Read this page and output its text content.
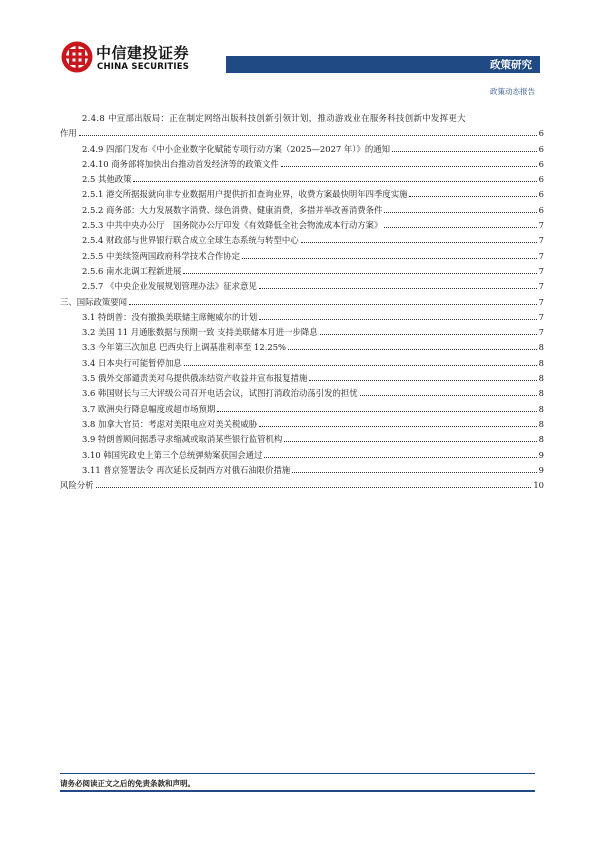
中信建投证券
CHINA SECURITIES	政策研究
政策动态报告
2.4.8 中宣部出版局：正在制定网络出版科技创新引领计划，推动游戏业在服务科技创新中发挥更大
作用	6
2.4.9 四部门发布《中小企业数字化赋能专项行动方案（2025—2027 年）》的通知	6
2.4.10 商务部将加快出台推动首发经济等的政策文件	6
2.5 其他政策	6
2.5.1 港交所据报就向非专业数据用户提供折扣查询业界，收费方案最快明年四季度实施	6
2.5.2 商务部：大力发展数字消费、绿色消费、健康消费，多措并举改善消费条件	6
2.5.3 中共中央办公厅　国务院办公厅印发《有效降低全社会物流成本行动方案》	7
2.5.4 财政部与世界银行联合成立全球生态系统与转型中心	7
2.5.5 中美续签两国政府科学技术合作协定	7
2.5.6 南水北调工程新进展	7
2.5.7 《中央企业发展规划管理办法》征求意见	7
三、国际政策要闻	7
3.1 特朗普：没有撤换美联储主席鲍威尔的计划	7
3.2 美国 11 月通胀数据与预期一致 支持美联储本月进一步降息	7
3.3 今年第三次加息 巴西央行上调基准利率至 12.25%	8
3.4 日本央行可能暂停加息	8
3.5 俄外交部谴责美对乌提供俄冻结资产收益并宣布报复措施	8
3.6 韩国财长与三大评级公司召开电话会议，试图打消政治动荡引发的担忧	8
3.7 欧洲央行降息幅度或超市场预期	8
3.8 加拿大官员：考虑对美限电应对美关税威胁	8
3.9 特朗普顾问据悉寻求缩减或取消某些银行监管机构	8
3.10 韩国宪政史上第三个总统弹劾案获国会通过	9
3.11 普京签署法令 再次延长反制西方对俄石油限价措施	9
风险分析	10
请务必阅读正文之后的免责条款和声明。
